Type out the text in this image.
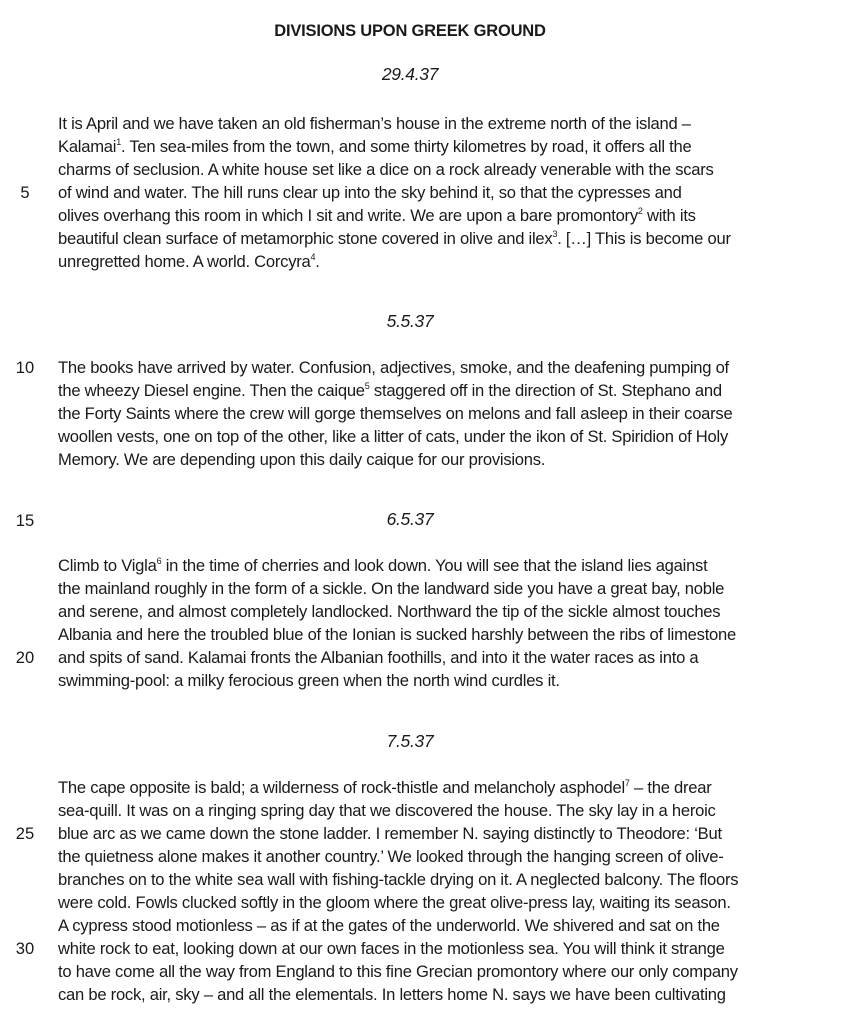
DIVISIONS UPON GREEK GROUND
29.4.37
It is April and we have taken an old fisherman’s house in the extreme north of the island –
Kalamai$^1$. Ten sea-miles from the town, and some thirty kilometres by road, it offers all the
charms of seclusion. A white house set like a dice on a rock already venerable with the scars
of wind and water. The hill runs clear up into the sky behind it, so that the cypresses and
olives overhang this room in which I sit and write. We are upon a bare promontory$^2$ with its
beautiful clean surface of metamorphic stone covered in olive and ilex$^3$. […] This is become our
unregretted home. A world. Corcyra$^4$.
5.5.37
The books have arrived by water. Confusion, adjectives, smoke, and the deafening pumping of
the wheezy Diesel engine. Then the caique$^5$ staggered off in the direction of St. Stephano and
the Forty Saints where the crew will gorge themselves on melons and fall asleep in their coarse
woollen vests, one on top of the other, like a litter of cats, under the ikon of St. Spiridion of Holy
Memory. We are depending upon this daily caique for our provisions.
6.5.37
Climb to Vigla$^6$ in the time of cherries and look down. You will see that the island lies against
the mainland roughly in the form of a sickle. On the landward side you have a great bay, noble
and serene, and almost completely landlocked. Northward the tip of the sickle almost touches
Albania and here the troubled blue of the Ionian is sucked harshly between the ribs of limestone
and spits of sand. Kalamai fronts the Albanian foothills, and into it the water races as into a
swimming-pool: a milky ferocious green when the north wind curdles it.
7.5.37
The cape opposite is bald; a wilderness of rock-thistle and melancholy asphodel$^7$ – the drear
sea-quill. It was on a ringing spring day that we discovered the house. The sky lay in a heroic
blue arc as we came down the stone ladder. I remember N. saying distinctly to Theodore: ‘But
the quietness alone makes it another country.’ We looked through the hanging screen of olive-
branches on to the white sea wall with fishing-tackle drying on it. A neglected balcony. The floors
were cold. Fowls clucked softly in the gloom where the great olive-press lay, waiting its season.
A cypress stood motionless – as if at the gates of the underworld. We shivered and sat on the
white rock to eat, looking down at our own faces in the motionless sea. You will think it strange
to have come all the way from England to this fine Grecian promontory where our only company
can be rock, air, sky – and all the elementals. In letters home N. says we have been cultivating
5
10
15
20
25
30
